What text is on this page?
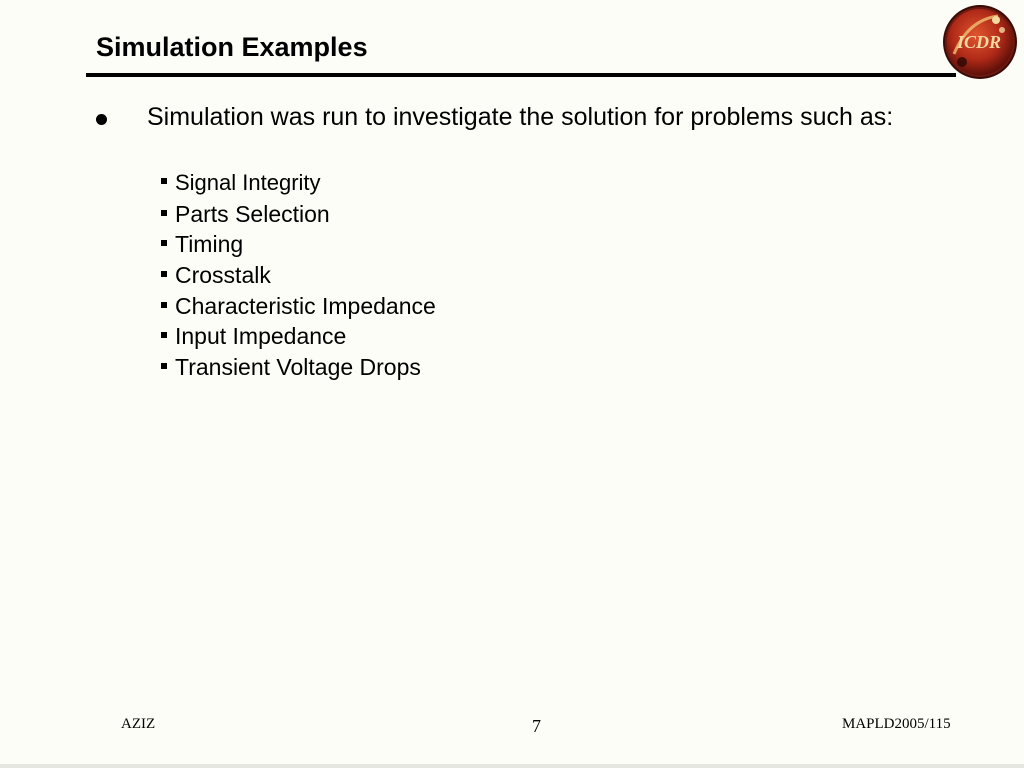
Simulation Examples	ICDR
Simulation was run to investigate the solution for problems such as:
Signal Integrity
Parts Selection
Timing
Crosstalk
Characteristic Impedance
Input Impedance
Transient Voltage Drops
AZIZ	7	MAPLD2005/115
